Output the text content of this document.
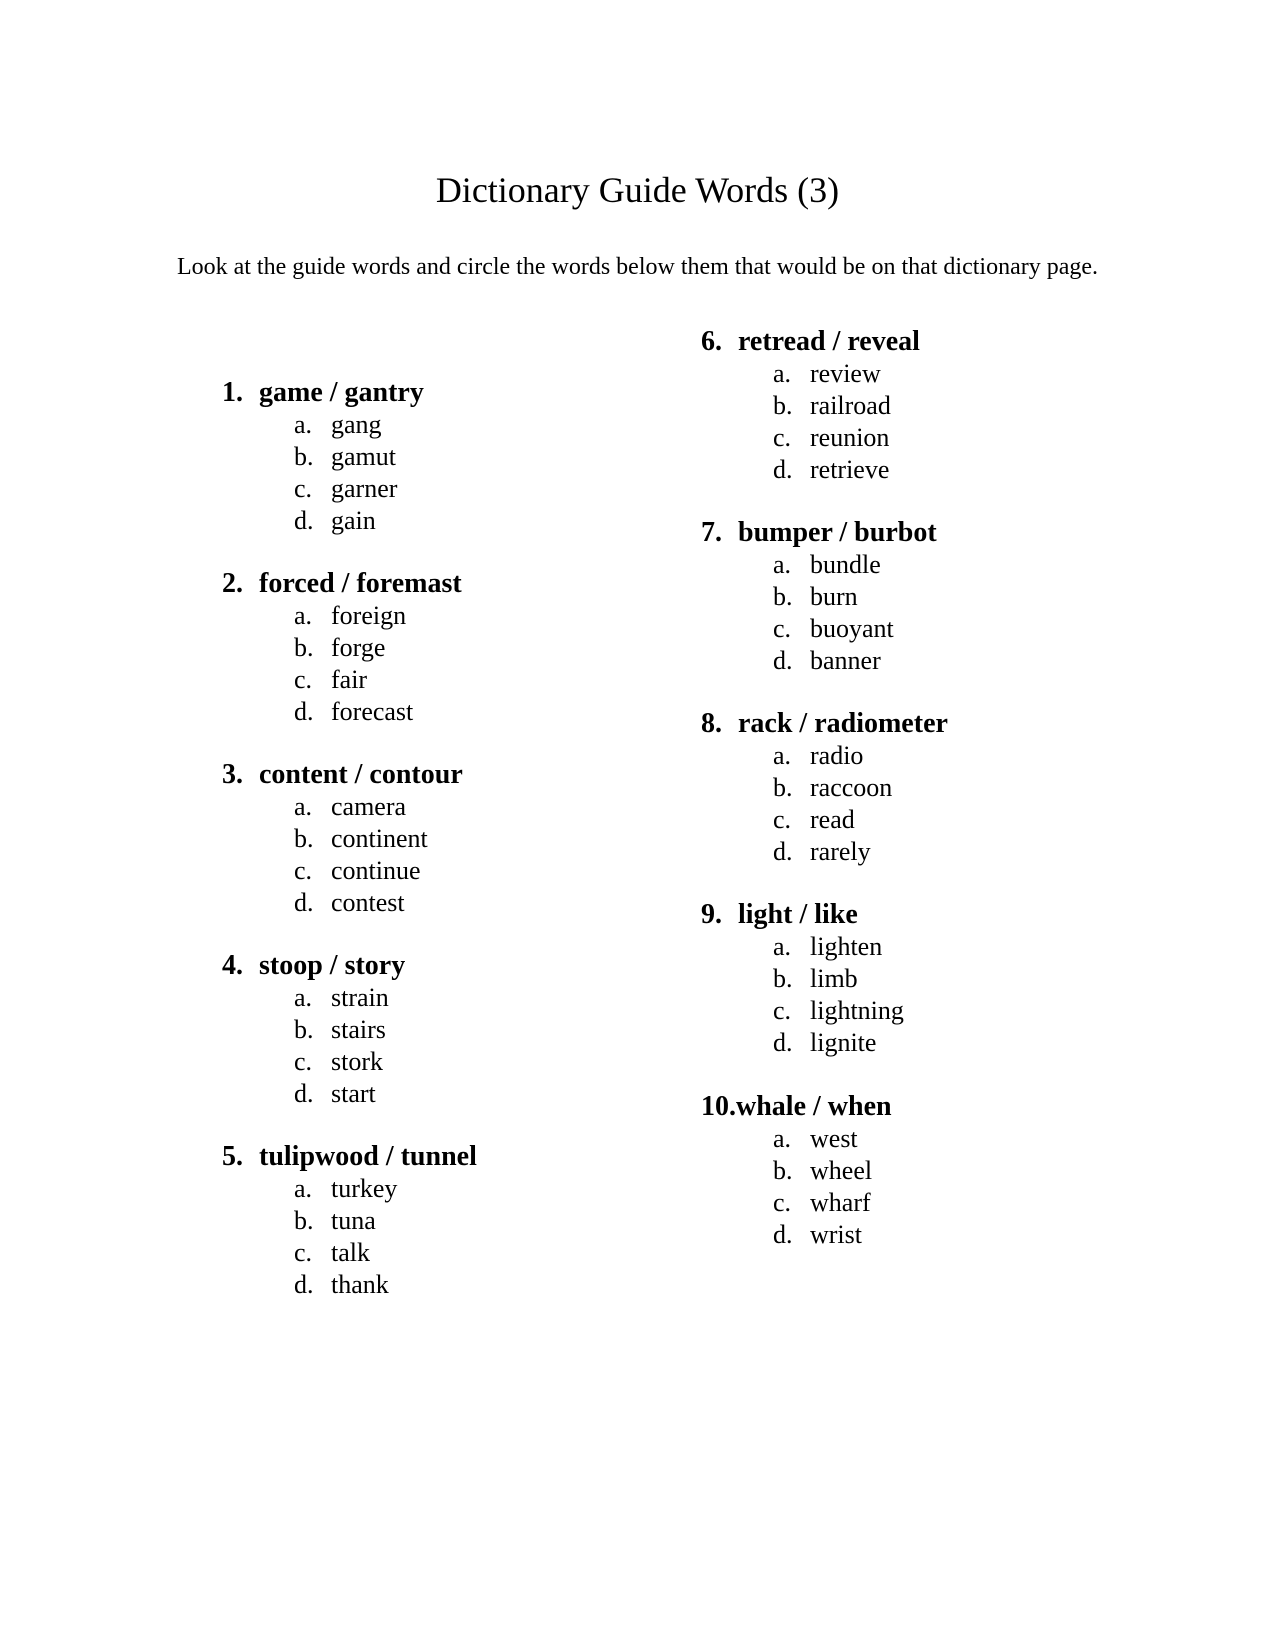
Dictionary Guide Words (3)

Look at the guide words and circle the words below them that would be on that dictionary page.

1. game / gantry
a. gang
b. gamut
c. garner
d. gain
2. forced / foremast
a. foreign
b. forge
c. fair
d. forecast
3. content / contour
a. camera
b. continent
c. continue
d. contest
4. stoop / story
a. strain
b. stairs
c. stork
d. start
5. tulipwood / tunnel
a. turkey
b. tuna
c. talk
d. thank
6. retread / reveal
a. review
b. railroad
c. reunion
d. retrieve
7. bumper / burbot
a. bundle
b. burn
c. buoyant
d. banner
8. rack / radiometer
a. radio
b. raccoon
c. read
d. rarely
9. light / like
a. lighten
b. limb
c. lightning
d. lignite
10.whale / when
a. west
b. wheel
c. wharf
d. wrist
